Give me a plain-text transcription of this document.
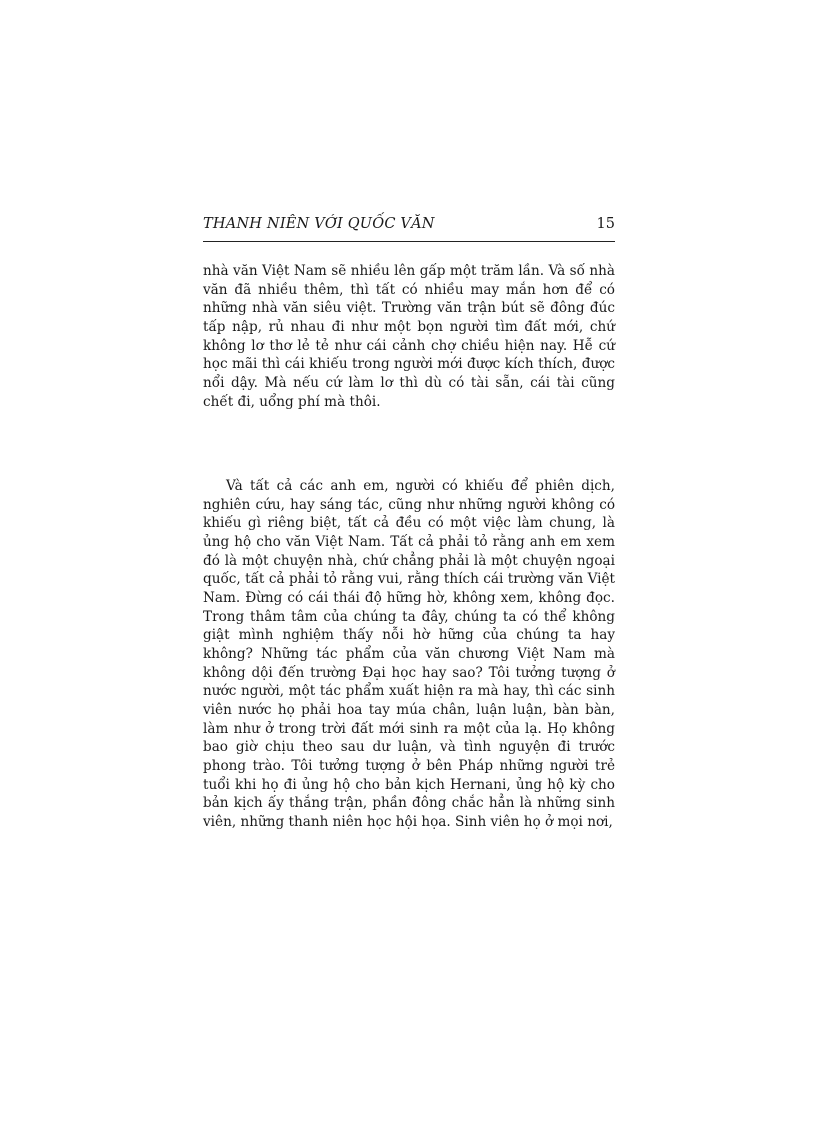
THANH NIÊN VỚI QUỐC VĂN	15

nhà văn Việt Nam sẽ nhiều lên gấp một trăm lần. Và số nhà văn đã nhiều thêm, thì tất có nhiều may mắn hơn để có những nhà văn siêu việt. Trường văn trận bút sẽ đông đúc tấp nập, rủ nhau đi như một bọn người tìm đất mới, chứ không lơ thơ lẻ tẻ như cái cảnh chợ chiều hiện nay. Hễ cứ học mãi thì cái khiếu trong người mới được kích thích, được nổi dậy. Mà nếu cứ làm lơ thì dù có tài sẵn, cái tài cũng chết đi, uổng phí mà thôi.

Và tất cả các anh em, người có khiếu để phiên dịch, nghiên cứu, hay sáng tác, cũng như những người không có khiếu gì riêng biệt, tất cả đều có một việc làm chung, là ủng hộ cho văn Việt Nam. Tất cả phải tỏ rằng anh em xem đó là một chuyện nhà, chứ chẳng phải là một chuyện ngoại quốc, tất cả phải tỏ rằng vui, rằng thích cái trường văn Việt Nam. Đừng có cái thái độ hững hờ, không xem, không đọc. Trong thâm tâm của chúng ta đây, chúng ta có thể không giật mình nghiệm thấy nỗi hờ hững của chúng ta hay không? Những tác phẩm của văn chương Việt Nam mà không dội đến trường Đại học hay sao? Tôi tưởng tượng ở nước người, một tác phẩm xuất hiện ra mà hay, thì các sinh viên nước họ phải hoa tay múa chân, luận luận, bàn bàn, làm như ở trong trời đất mới sinh ra một của lạ. Họ không bao giờ chịu theo sau dư luận, và tình nguyện đi trước phong trào. Tôi tưởng tượng ở bên Pháp những người trẻ tuổi khi họ đi ủng hộ cho bản kịch Hernani, ủng hộ kỳ cho bản kịch ấy thắng trận, phần đông chắc hẳn là những sinh viên, những thanh niên học hội họa. Sinh viên họ ở mọi nơi,
